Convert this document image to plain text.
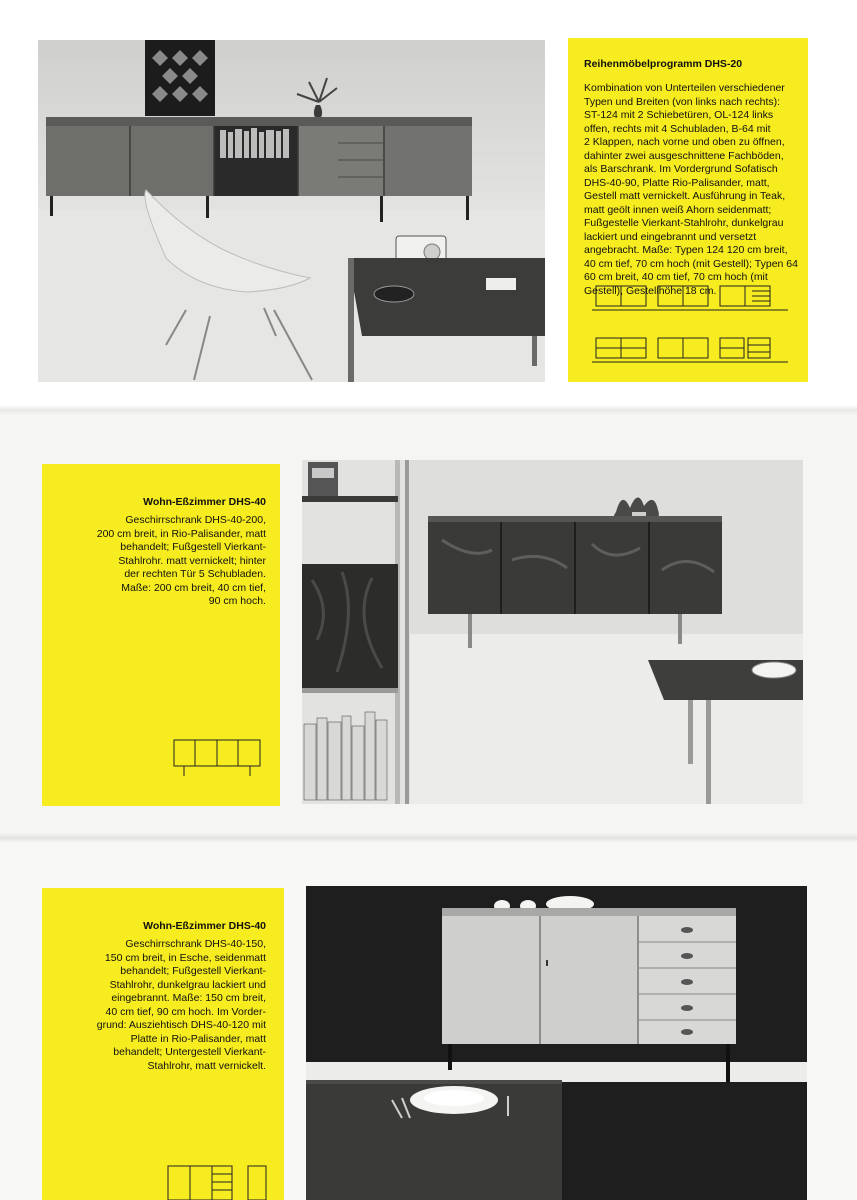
Reihenmöbelprogramm DHS-20
Kombination von Unterteilen verschiedener
Typen und Breiten (von links nach rechts):
ST-124 mit 2 Schiebetüren, OL-124 links
offen, rechts mit 4 Schubladen, B-64 mit
2 Klappen, nach vorne und oben zu öffnen,
dahinter zwei ausgeschnittene Fachböden,
als Barschrank. Im Vordergrund Sofatisch
DHS-40-90, Platte Rio-Palisander, matt,
Gestell matt vernickelt. Ausführung in Teak,
matt geölt innen weiß Ahorn seidenmatt;
Fußgestelle Vierkant-Stahlrohr, dunkelgrau
lackiert und eingebrannt und versetzt
angebracht. Maße: Typen 124 120 cm breit,
40 cm tief, 70 cm hoch (mit Gestell); Typen 64
60 cm breit, 40 cm tief, 70 cm hoch (mit
Gestell), Gestellhöhe 18 cm.
Wohn-Eßzimmer DHS-40
Geschirrschrank DHS-40-200,
200 cm breit, in Rio-Palisander, matt
behandelt; Fußgestell Vierkant-
Stahlrohr. matt vernickelt; hinter
der rechten Tür 5 Schubladen.
Maße: 200 cm breit, 40 cm tief,
90 cm hoch.
Wohn-Eßzimmer DHS-40
Geschirrschrank DHS-40-150,
150 cm breit, in Esche, seidenmatt
behandelt; Fußgestell Vierkant-
Stahlrohr, dunkelgrau lackiert und
eingebrannt. Maße: 150 cm breit,
40 cm tief, 90 cm hoch. Im Vorder-
grund: Ausziehtisch DHS-40-120 mit
Platte in Rio-Palisander, matt
behandelt; Untergestell Vierkant-
Stahlrohr, matt vernickelt.
